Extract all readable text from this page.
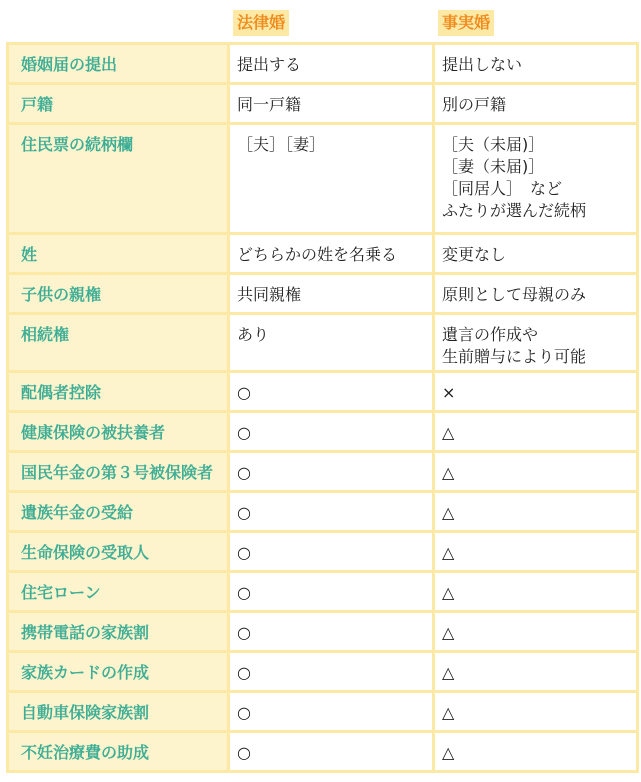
法律婚	事実婚
婚姻届の提出	提出する	提出しない

戸籍	同一戸籍	別の戸籍

住民票の続柄欄	［夫］［妻］	［夫（未届)］
［妻（未届)］
［同居人］　など
ふたりが選んだ続柄

姓	どちらかの姓を名乗る	変更なし

子供の親権	共同親権	原則として母親のみ

相続権	あり	遺言の作成や
生前贈与により可能

配偶者控除	○	×

健康保険の被扶養者	○	△

国民年金の第３号被保険者	○	△

遺族年金の受給	○	△

生命保険の受取人	○	△

住宅ローン	○	△

携帯電話の家族割	○	△

家族カードの作成	○	△

自動車保険家族割	○	△

不妊治療費の助成	○	△
